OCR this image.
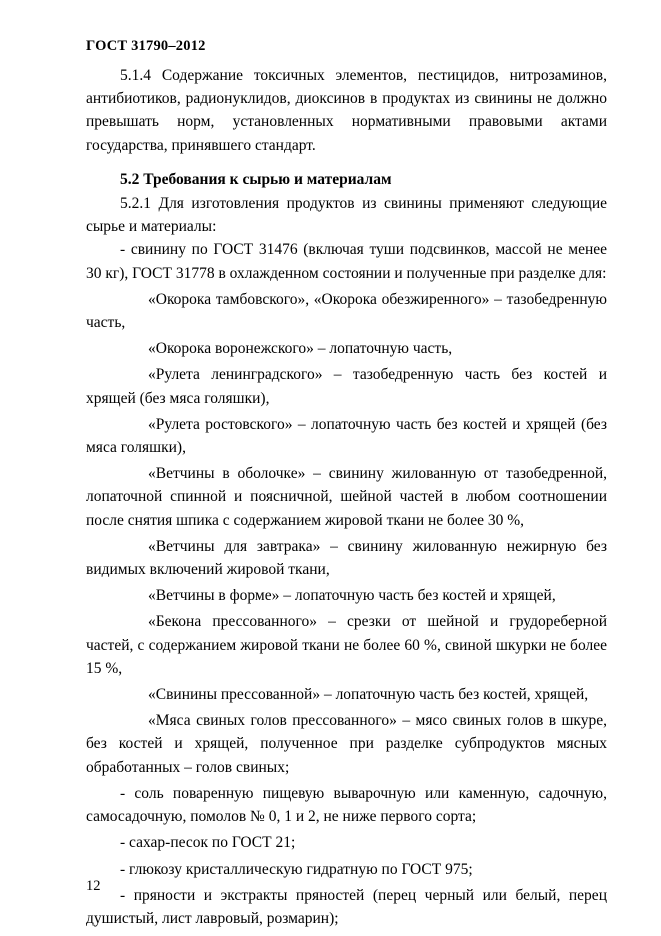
ГОСТ 31790–2012

5.1.4 Содержание токсичных элементов, пестицидов, нитрозаминов, антибиотиков, радионуклидов, диоксинов в продуктах из свинины не должно превышать норм, установленных нормативными правовыми актами государства, принявшего стандарт.

5.2 Требования к сырью и материалам

5.2.1 Для изготовления продуктов из свинины применяют следующие сырье и материалы:

- свинину по ГОСТ 31476 (включая туши подсвинков, массой не менее 30 кг), ГОСТ 31778 в охлажденном состоянии и полученные при разделке для:

«Окорока тамбовского», «Окорока обезжиренного» – тазобедренную часть,

«Окорока воронежского» – лопаточную часть,

«Рулета ленинградского» – тазобедренную часть без костей и хрящей (без мяса голяшки),

«Рулета ростовского» – лопаточную часть без костей и хрящей (без мяса голяшки),

«Ветчины в оболочке» – свинину жилованную от тазобедренной, лопаточной спинной и поясничной, шейной частей в любом соотношении после снятия шпика с содержанием жировой ткани не более 30 %,

«Ветчины для завтрака» – свинину жилованную нежирную без видимых включений жировой ткани,

«Ветчины в форме» – лопаточную часть без костей и хрящей,

«Бекона прессованного» – срезки от шейной и грудореберной частей, с содержанием жировой ткани не более 60 %, свиной шкурки не более 15 %,

«Свинины прессованной» – лопаточную часть без костей, хрящей,

«Мяса свиных голов прессованного» – мясо свиных голов в шкуре, без костей и хрящей, полученное при разделке субпродуктов мясных обработанных – голов свиных;

- соль поваренную пищевую выварочную или каменную, садочную, самосадочную, помолов № 0, 1 и 2, не ниже первого сорта;

- сахар-песок по ГОСТ 21;

- глюкозу кристаллическую гидратную по ГОСТ 975;

- пряности и экстракты пряностей (перец черный или белый, перец душистый, лист лавровый, розмарин);

12
